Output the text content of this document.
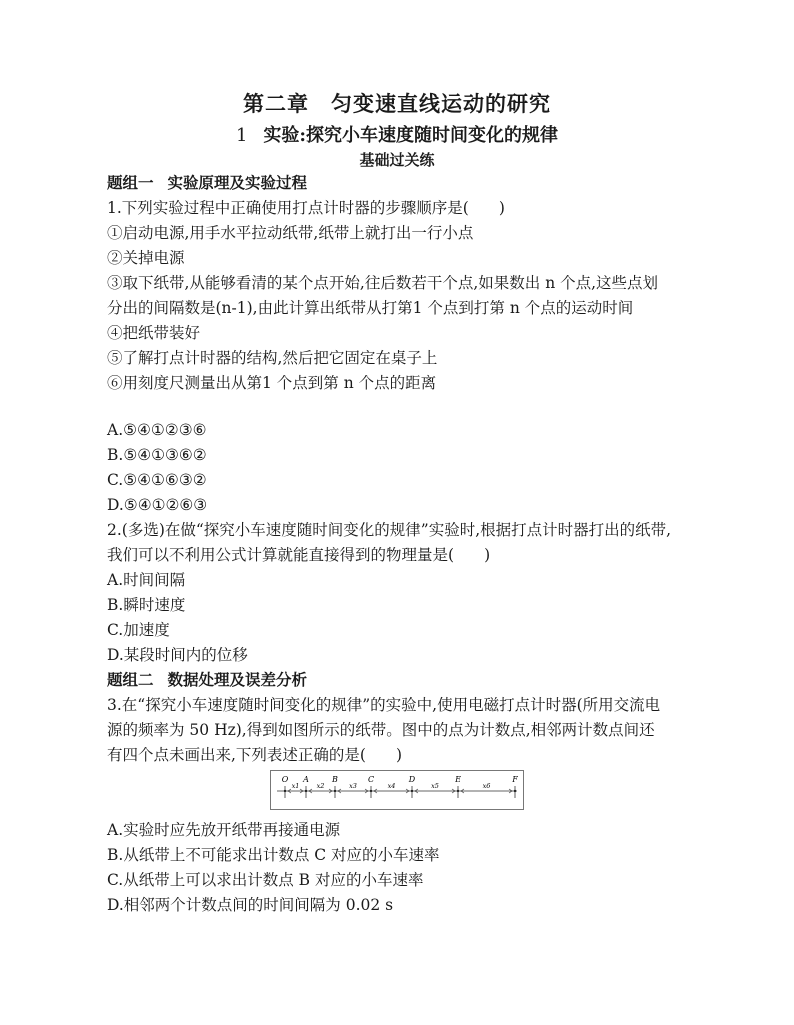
第二章 匀变速直线运动的研究
1 实验:探究小车速度随时间变化的规律
基础过关练
题组一 实验原理及实验过程
1.下列实验过程中正确使用打点计时器的步骤顺序是( )
①启动电源,用手水平拉动纸带,纸带上就打出一行小点
②关掉电源
③取下纸带,从能够看清的某个点开始,往后数若干个点,如果数出 n 个点,这些点划
分出的间隔数是(n-1),由此计算出纸带从打第1 个点到打第 n 个点的运动时间
④把纸带装好
⑤了解打点计时器的结构,然后把它固定在桌子上
⑥用刻度尺测量出从第1 个点到第 n 个点的距离
A.⑤④①②③⑥
B.⑤④①③⑥②
C.⑤④①⑥③②
D.⑤④①②⑥③
2.(多选)在做“探究小车速度随时间变化的规律”实验时,根据打点计时器打出的纸带,
我们可以不利用公式计算就能直接得到的物理量是( )
A.时间间隔
B.瞬时速度
C.加速度
D.某段时间内的位移
题组二 数据处理及误差分析
3.在“探究小车速度随时间变化的规律”的实验中,使用电磁打点计时器(所用交流电
源的频率为 50 Hz),得到如图所示的纸带。图中的点为计数点,相邻两计数点间还
有四个点未画出来,下列表述正确的是( )
O A	B	C	D	E	F
x1	x2	x3	x4	x5	x6
A.实验时应先放开纸带再接通电源
B.从纸带上不可能求出计数点 C 对应的小车速率
C.从纸带上可以求出计数点 B 对应的小车速率
D.相邻两个计数点间的时间间隔为 0.02 s
